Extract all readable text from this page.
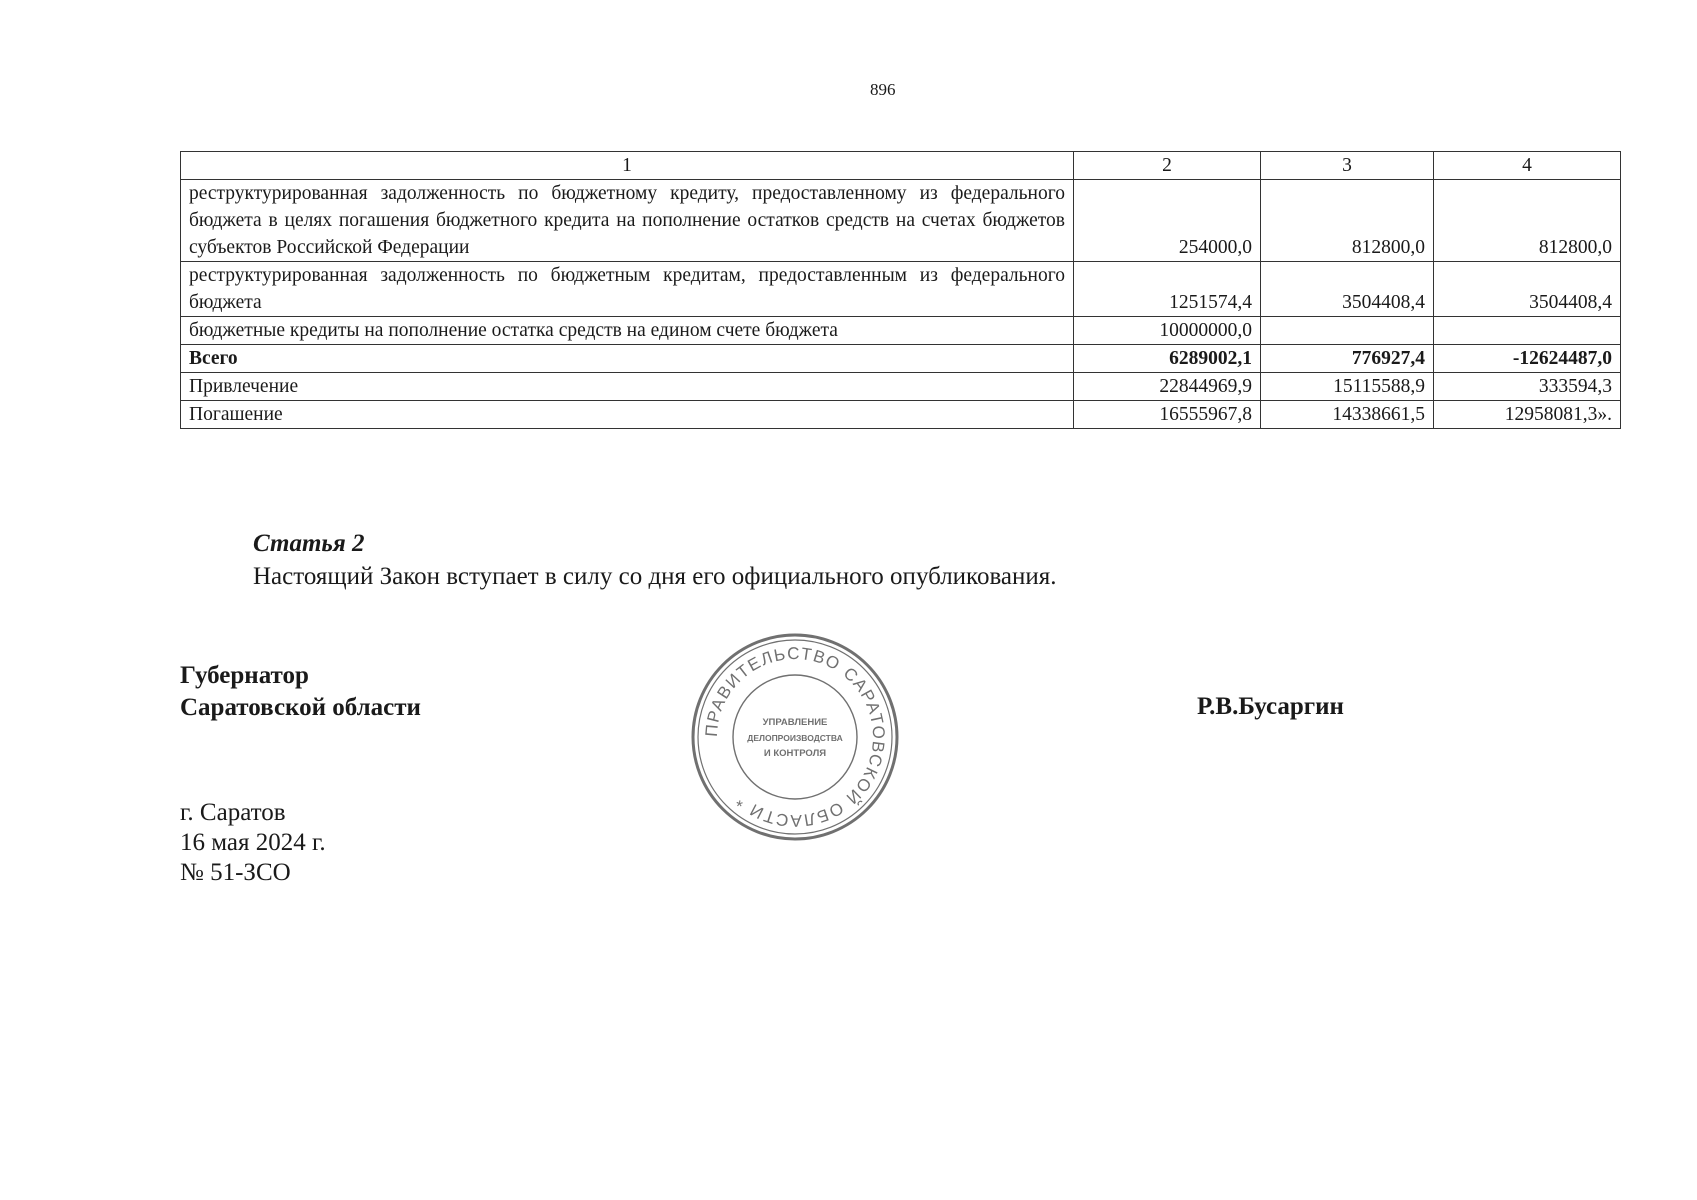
896
1	2	3	4
реструктурированная задолженность по бюджетному кредиту, предоставленному из федерального бюджета в целях погашения бюджетного кредита на пополнение остатков средств на счетах бюджетов субъектов Российской Федерации	254000,0	812800,0	812800,0
реструктурированная задолженность по бюджетным кредитам, предоставленным из федерального бюджета	1251574,4	3504408,4	3504408,4
бюджетные кредиты на пополнение остатка средств на едином счете бюджета	10000000,0		
Всего	6289002,1	776927,4	-12624487,0
Привлечение	22844969,9	15115588,9	333594,3
Погашение	16555967,8	14338661,5	12958081,3».
Статья 2
Настоящий Закон вступает в силу со дня его официального опубликования.
Губернатор
Саратовской области	Р.В.Бусаргин
г. Саратов
16 мая 2024 г.
№ 51-ЗСО
ПРАВИТЕЛЬСТВО САРАТОВСКОЙ ОБЛАСТИ *
УПРАВЛЕНИЕ
ДЕЛОПРОИЗВОДСТВА
И КОНТРОЛЯ
